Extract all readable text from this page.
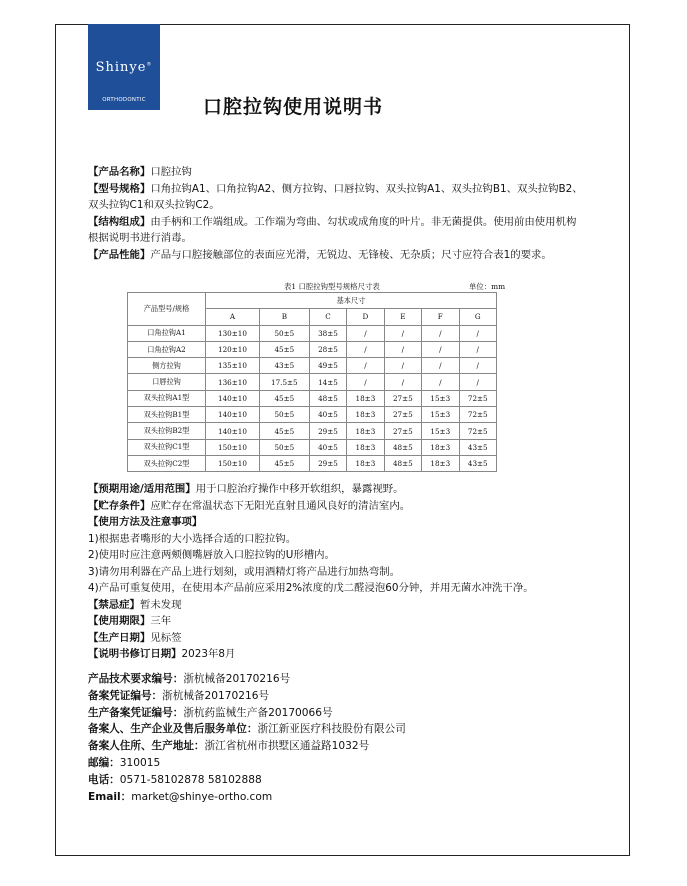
Shinye®
ORTHODONTIC	口腔拉钩使用说明书

【产品名称】口腔拉钩

【型号规格】口角拉钩A1、口角拉钩A2、侧方拉钩、口唇拉钩、双头拉钩A1、双头拉钩B1、双头拉钩B2、双头拉钩C1和双头拉钩C2。

【结构组成】由手柄和工作端组成。工作端为弯曲、勾状或成角度的叶片。非无菌提供。使用前由使用机构根据说明书进行消毒。

【产品性能】产品与口腔接触部位的表面应光滑，无锐边、无锋棱、无杂质；尺寸应符合表1的要求。

表1 口腔拉钩型号规格尺寸表	单位：mm
产品型号/规格	基本尺寸						
	A	B	C	D	E	F	G
口角拉钩A1	130±10	50±5	38±5	/	/	/	/
口角拉钩A2	120±10	45±5	28±5	/	/	/	/
侧方拉钩	135±10	43±5	49±5	/	/	/	/
口唇拉钩	136±10	17.5±5	14±5	/	/	/	/
双头拉钩A1型	140±10	45±5	48±5	18±3	27±5	15±3	72±5
双头拉钩B1型	140±10	50±5	40±5	18±3	27±5	15±3	72±5
双头拉钩B2型	140±10	45±5	29±5	18±3	27±5	15±3	72±5
双头拉钩C1型	150±10	50±5	40±5	18±3	48±5	18±3	43±5
双头拉钩C2型	150±10	45±5	29±5	18±3	48±5	18±3	43±5

【预期用途/适用范围】用于口腔治疗操作中移开软组织，暴露视野。

【贮存条件】应贮存在常温状态下无阳光直射且通风良好的清洁室内。

【使用方法及注意事项】

1)根据患者嘴形的大小选择合适的口腔拉钩。

2)使用时应注意两颊侧嘴唇放入口腔拉钩的U形槽内。

3)请勿用利器在产品上进行划刻，或用酒精灯将产品进行加热弯制。

4)产品可重复使用，在使用本产品前应采用2%浓度的戊二醛浸泡60分钟，并用无菌水冲洗干净。

【禁忌症】暂未发现

【使用期限】三年

【生产日期】见标签

【说明书修订日期】2023年8月

产品技术要求编号：浙杭械备20170216号

备案凭证编号：浙杭械备20170216号

生产备案凭证编号：浙杭药监械生产备20170066号

备案人、生产企业及售后服务单位：浙江新亚医疗科技股份有限公司

备案人住所、生产地址：浙江省杭州市拱墅区通益路1032号

邮编：310015

电话：0571-58102878 58102888

Email：market@shinye-ortho.com
